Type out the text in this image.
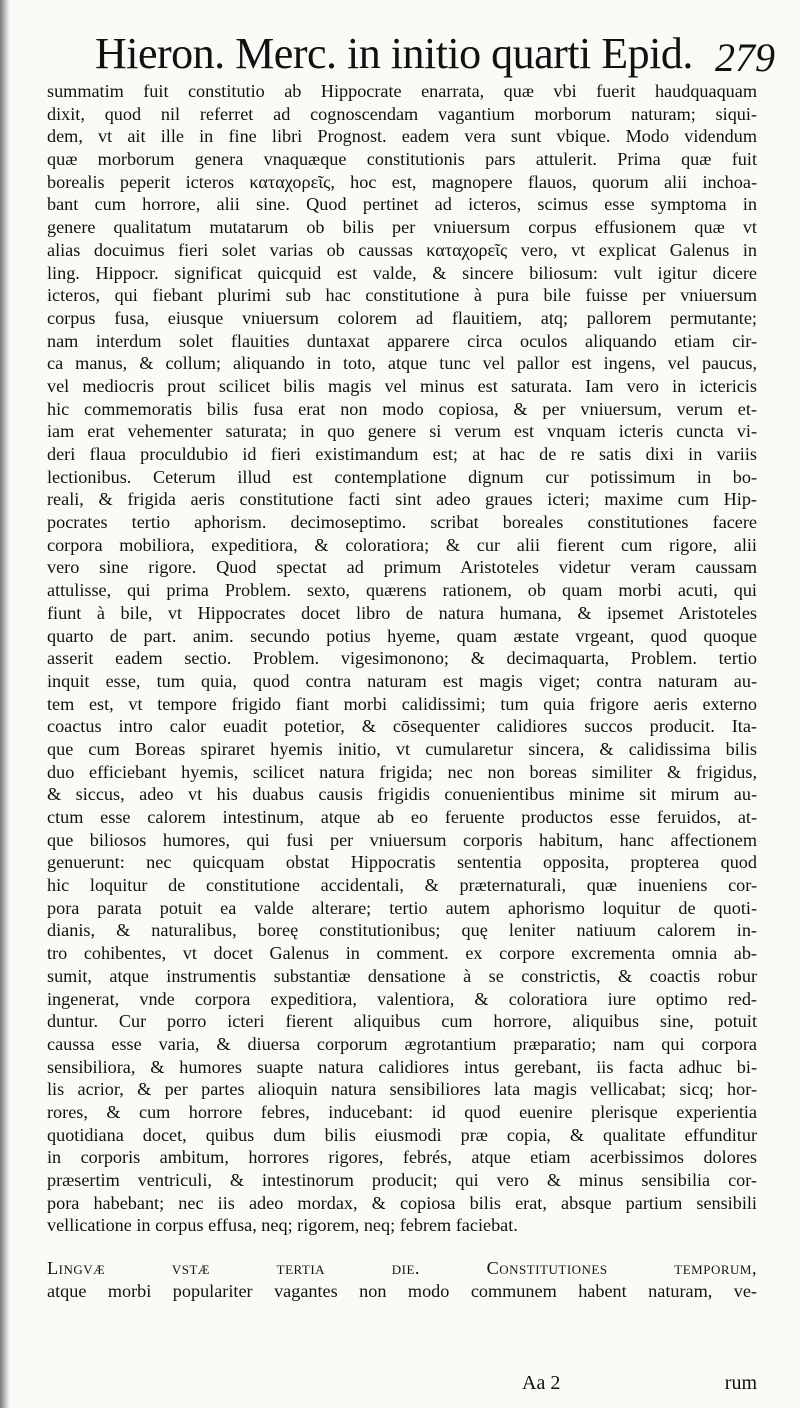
Hieron. Merc. in initio quarti Epid. 279
summatim fuit constitutio ab Hippocrate enarrata, quæ vbi fuerit haudquaquam
dixit, quod nil referret ad cognoscendam vagantium morborum naturam; siqui-
dem, vt ait ille in fine libri Prognost. eadem vera sunt vbique. Modo videndum
quæ morborum genera vnaquæque constitutionis pars attulerit. Prima quæ fuit
borealis peperit icteros καταχορεῖς, hoc est, magnopere flauos, quorum alii inchoa-
bant cum horrore, alii sine. Quod pertinet ad icteros, scimus esse symptoma in
genere qualitatum mutatarum ob bilis per vniuersum corpus effusionem quæ vt
alias docuimus fieri solet varias ob caussas καταχορεῖς vero, vt explicat Galenus in
ling. Hippocr. significat quicquid est valde, & sincere biliosum: vult igitur dicere
icteros, qui fiebant plurimi sub hac constitutione à pura bile fuisse per vniuersum
corpus fusa, eiusque vniuersum colorem ad flauitiem, atq; pallorem permutante;
nam interdum solet flauities duntaxat apparere circa oculos aliquando etiam cir-
ca manus, & collum; aliquando in toto, atque tunc vel pallor est ingens, vel paucus,
vel mediocris prout scilicet bilis magis vel minus est saturata. Iam vero in ictericis
hic commemoratis bilis fusa erat non modo copiosa, & per vniuersum, verum et-
iam erat vehementer saturata; in quo genere si verum est vnquam icteris cuncta vi-
deri flaua proculdubio id fieri existimandum est; at hac de re satis dixi in variis
lectionibus. Ceterum illud est contemplatione dignum cur potissimum in bo-
reali, & frigida aeris constitutione facti sint adeo graues icteri; maxime cum Hip-
pocrates tertio aphorism. decimoseptimo. scribat boreales constitutiones facere
corpora mobiliora, expeditiora, & coloratiora; & cur alii fierent cum rigore, alii
vero sine rigore. Quod spectat ad primum Aristoteles videtur veram caussam
attulisse, qui prima Problem. sexto, quærens rationem, ob quam morbi acuti, qui
fiunt à bile, vt Hippocrates docet libro de natura humana, & ipsemet Aristoteles
quarto de part. anim. secundo potius hyeme, quam æstate vrgeant, quod quoque
asserit eadem sectio. Problem. vigesimonono; & decimaquarta, Problem. tertio
inquit esse, tum quia, quod contra naturam est magis viget; contra naturam au-
tem est, vt tempore frigido fiant morbi calidissimi; tum quia frigore aeris externo
coactus intro calor euadit potetior, & cōsequenter calidiores succos producit. Ita-
que cum Boreas spiraret hyemis initio, vt cumularetur sincera, & calidissima bilis
duo efficiebant hyemis, scilicet natura frigida; nec non boreas similiter & frigidus,
& siccus, adeo vt his duabus causis frigidis conuenientibus minime sit mirum au-
ctum esse calorem intestinum, atque ab eo feruente productos esse feruidos, at-
que biliosos humores, qui fusi per vniuersum corporis habitum, hanc affectionem
genuerunt: nec quicquam obstat Hippocratis sententia opposita, propterea quod
hic loquitur de constitutione accidentali, & præternaturali, quæ inueniens cor-
pora parata potuit ea valde alterare; tertio autem aphorismo loquitur de quoti-
dianis, & naturalibus, boreę constitutionibus; quę leniter natiuum calorem in-
tro cohibentes, vt docet Galenus in comment. ex corpore excrementa omnia ab-
sumit, atque instrumentis substantiæ densatione à se constrictis, & coactis robur
ingenerat, vnde corpora expeditiora, valentiora, & coloratiora iure optimo red-
duntur. Cur porro icteri fierent aliquibus cum horrore, aliquibus sine, potuit
caussa esse varia, & diuersa corporum ægrotantium præparatio; nam qui corpora
sensibiliora, & humores suapte natura calidiores intus gerebant, iis facta adhuc bi-
lis acrior, & per partes alioquin natura sensibiliores lata magis vellicabat; sicq; hor-
rores, & cum horrore febres, inducebant: id quod euenire plerisque experientia
quotidiana docet, quibus dum bilis eiusmodi præ copia, & qualitate effunditur
in corporis ambitum, horrores rigores, febrés, atque etiam acerbissimos dolores
præsertim ventriculi, & intestinorum producit; qui vero & minus sensibilia cor-
pora habebant; nec iis adeo mordax, & copiosa bilis erat, absque partium sensibili
vellicatione in corpus effusa, neq; rigorem, neq; febrem faciebat.
Lingvæ vstæ tertia die. Constitutiones temporum,
atque morbi populariter vagantes non modo communem habent naturam, ve-
Aa 2	rum
